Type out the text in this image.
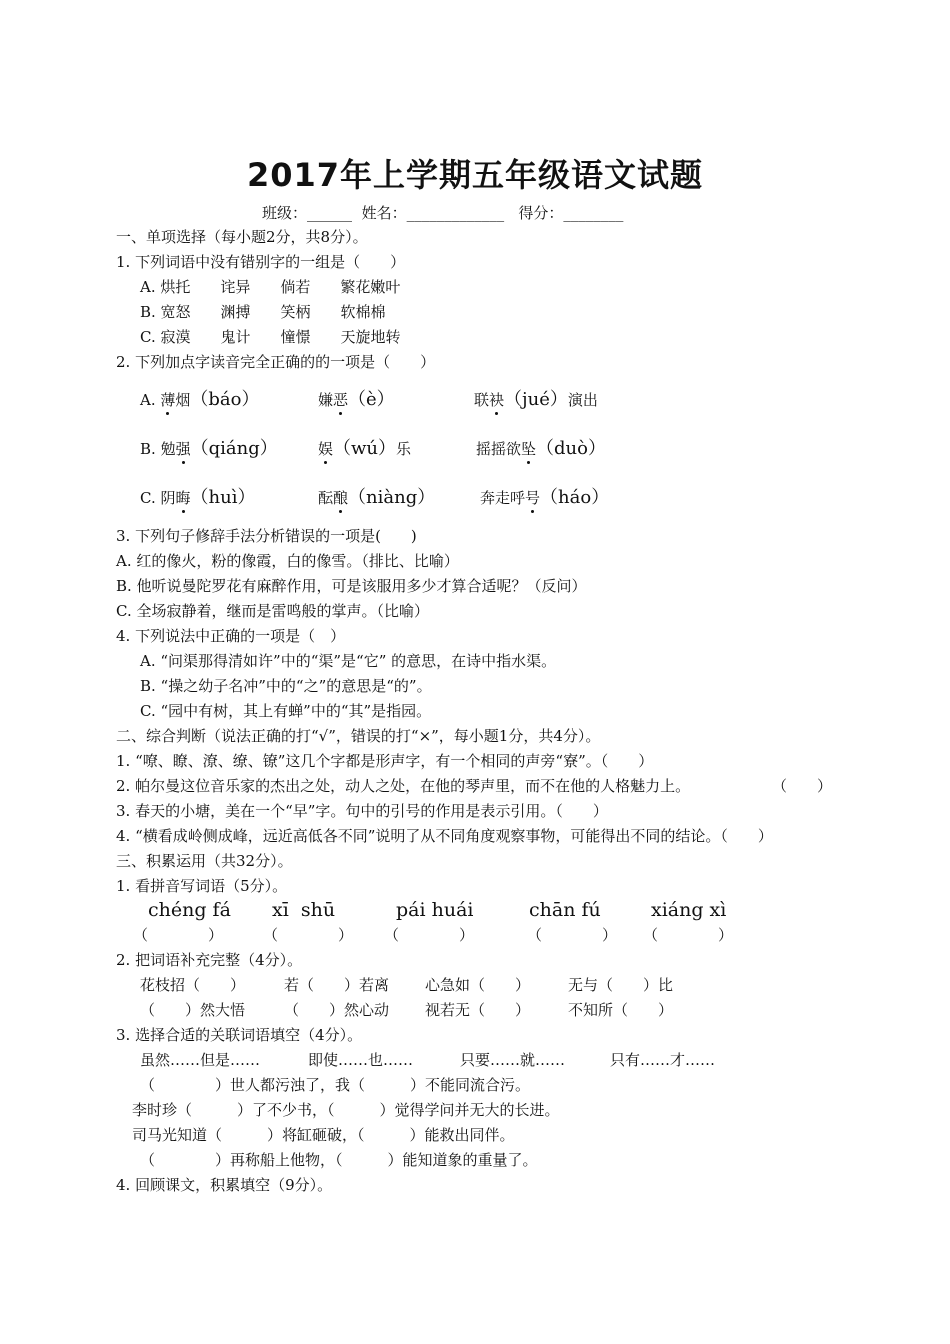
2017年上学期五年级语文试题
班级：______ 姓名：_____________ 得分：________
一、单项选择（每小题2分，共8分）。
1. 下列词语中没有错别字的一组是（　　）
A. 烘托　　诧异　　倘若　　繁花嫩叶
B. 宽怒　　渊搏　　笑柄　　软棉棉
C. 寂漠　　鬼计　　憧憬　　天旋地转
2. 下列加点字读音完全正确的的一项是（　　）
A. 薄烟（báo）	嫌恶（è）	联袂（jué）演出
B. 勉强（qiáng）	娱（wú）乐	摇摇欲坠（duò）
C. 阴晦（huì）	酝酿（niàng）	奔走呼号（háo）
3. 下列句子修辞手法分析错误的一项是(　　)
A. 红的像火，粉的像霞，白的像雪。（排比、比喻）
B. 他听说曼陀罗花有麻醉作用，可是该服用多少才算合适呢？（反问）
C. 全场寂静着，继而是雷鸣般的掌声。（比喻）
4. 下列说法中正确的一项是（　）
A. “问渠那得清如许”中的“渠”是“它” 的意思，在诗中指水渠。
B. “操之幼子名冲”中的“之”的意思是“的”。
C. “园中有树，其上有蝉”中的“其”是指园。
二、综合判断（说法正确的打“√”，错误的打“×”，每小题1分，共4分）。
1. “嘹、瞭、潦、缭、镣”这几个字都是形声字，有一个相同的声旁“寮”。（　　）
2. 帕尔曼这位音乐家的杰出之处，动人之处，在他的琴声里，而不在他的人格魅力上。	（　　）
3. 春天的小塘，美在一个“早”字。句中的引号的作用是表示引用。（　　）
4. “横看成岭侧成峰，远近高低各不同”说明了从不同角度观察事物，可能得出不同的结论。（　　）
三、积累运用（共32分）。
1. 看拼音写词语（5分）。
chéng fá xī  shū	pái huái	chān fú	xiáng xì
（　　　　）	（　　　　） （　　　　）	（　　　　） （　　　　）
2. 把词语补充完整（4分）。
花枝招（　　）	若（　　）若离 心急如（　　）	无与（　　）比
（　　）然大悟	（　　）然心动 视若无（　　）	不知所（　　）
3. 选择合适的关联词语填空（4分）。
虽然……但是……	即使……也……	只要……就……	只有……才……
（　　　　）世人都污浊了，我（　　　）不能同流合污。
李时珍（　　　）了不少书，（　　　）觉得学问并无大的长进。
司马光知道（　　　）将缸砸破，（　　　）能救出同伴。
（　　　　）再称船上他物，（　　　）能知道象的重量了。
4. 回顾课文，积累填空（9分）。
